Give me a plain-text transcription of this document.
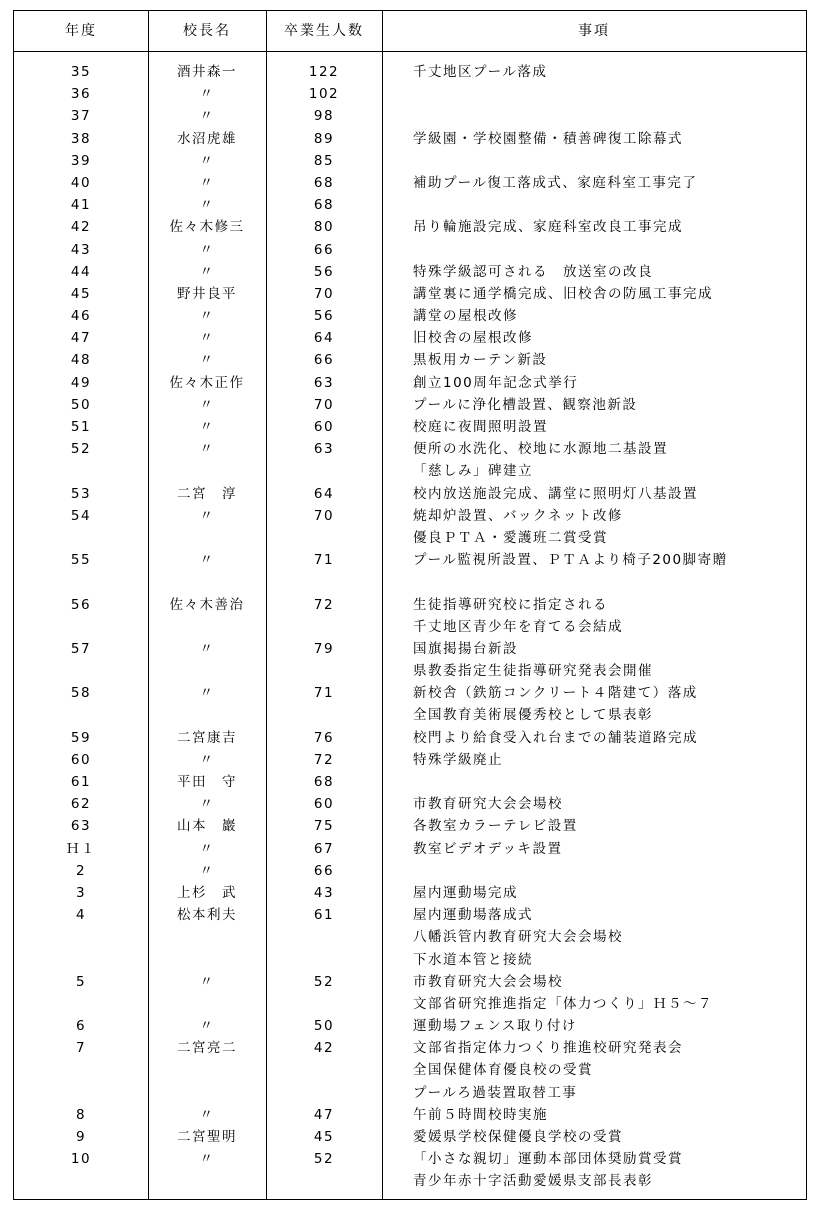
年度	校長名	卒業生人数	事項
35	酒井森一	122	千丈地区プール落成
36	〃	102
37	〃	98
38	水沼虎雄	89	学級園・学校園整備・積善碑復工除幕式
39	〃	85
40	〃	68	補助プール復工落成式、家庭科室工事完了
41	〃	68
42	佐々木修三	80	吊り輪施設完成、家庭科室改良工事完成
43	〃	66
44	〃	56	特殊学級認可される　放送室の改良
45	野井良平	70	講堂裏に通学橋完成、旧校舎の防風工事完成
46	〃	56	講堂の屋根改修
47	〃	64	旧校舎の屋根改修
48	〃	66	黒板用カーテン新設
49	佐々木正作	63	創立100周年記念式挙行
50	〃	70	プールに浄化槽設置、観察池新設
51	〃	60	校庭に夜間照明設置
52	〃	63	便所の水洗化、校地に水源地二基設置
「慈しみ」碑建立
53	二宮　淳	64	校内放送施設完成、講堂に照明灯八基設置
54	〃	70	焼却炉設置、バックネット改修
優良ＰＴＡ・愛護班二賞受賞
55	〃	71	プール監視所設置、ＰＴＡより椅子200脚寄贈
56	佐々木善治	72	生徒指導研究校に指定される
千丈地区青少年を育てる会結成
57	〃	79	国旗掲揚台新設
県教委指定生徒指導研究発表会開催
58	〃	71	新校舎（鉄筋コンクリート４階建て）落成
全国教育美術展優秀校として県表彰
59	二宮康吉	76	校門より給食受入れ台までの舗装道路完成
60	〃	72	特殊学級廃止
61	平田　守	68
62	〃	60	市教育研究大会会場校
63	山本　巖	75	各教室カラーテレビ設置
Ｈ１	〃	67	教室ビデオデッキ設置
2	〃	66
3	上杉　武	43	屋内運動場完成
4	松本利夫	61	屋内運動場落成式
八幡浜管内教育研究大会会場校
下水道本管と接続
5	〃	52	市教育研究大会会場校
文部省研究推進指定「体力つくり」Ｈ５～７
6	〃	50	運動場フェンス取り付け
7	二宮亮二	42	文部省指定体力つくり推進校研究発表会
全国保健体育優良校の受賞
プールろ過装置取替工事
8	〃	47	午前５時間校時実施
9	二宮聖明	45	愛媛県学校保健優良学校の受賞
10	〃	52	「小さな親切」運動本部団体奨励賞受賞
青少年赤十字活動愛媛県支部長表彰
